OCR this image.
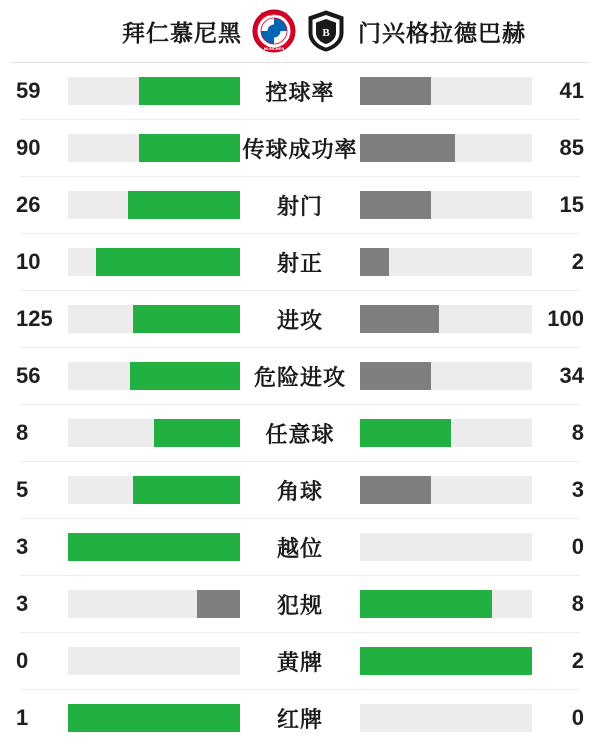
拜仁慕尼黑
F C BAYERN
MÜNCHEN
B 门兴格拉德巴赫
59	控球率	41
90	传球成功率	85
26	射门	15
10	射正	2
125	进攻	100
56	危险进攻	34
8	任意球	8
5	角球	3
3	越位	0
3	犯规	8
0	黄牌	2
1	红牌	0
